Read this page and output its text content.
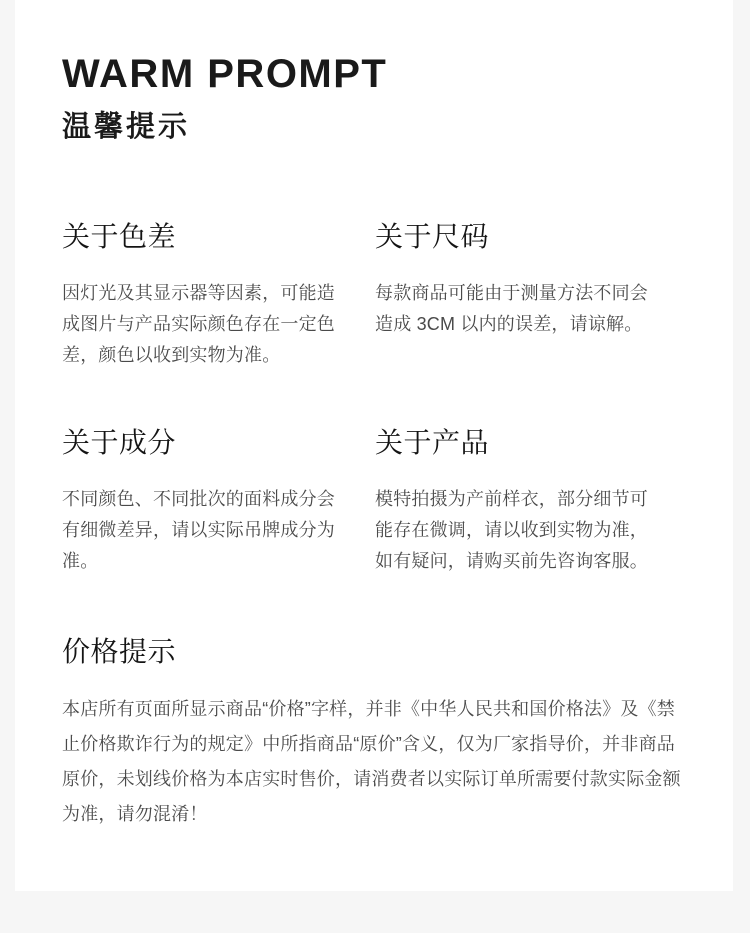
WARM PROMPT
温馨提示
关于色差

因灯光及其显示器等因素，可能造成图片与产品实际颜色存在一定色差，颜色以收到实物为准。

关于尺码

每款商品可能由于测量方法不同会造成 3CM 以内的误差，请谅解。

关于成分

不同颜色、不同批次的面料成分会有细微差异，请以实际吊牌成分为准。

关于产品

模特拍摄为产前样衣，部分细节可能存在微调，请以收到实物为准，如有疑问，请购买前先咨询客服。

价格提示

本店所有页面所显示商品“价格”字样，并非《中华人民共和国价格法》及《禁止价格欺诈行为的规定》中所指商品“原价”含义，仅为厂家指导价，并非商品原价，未划线价格为本店实时售价，请消费者以实际订单所需要付款实际金额为准，请勿混淆！
